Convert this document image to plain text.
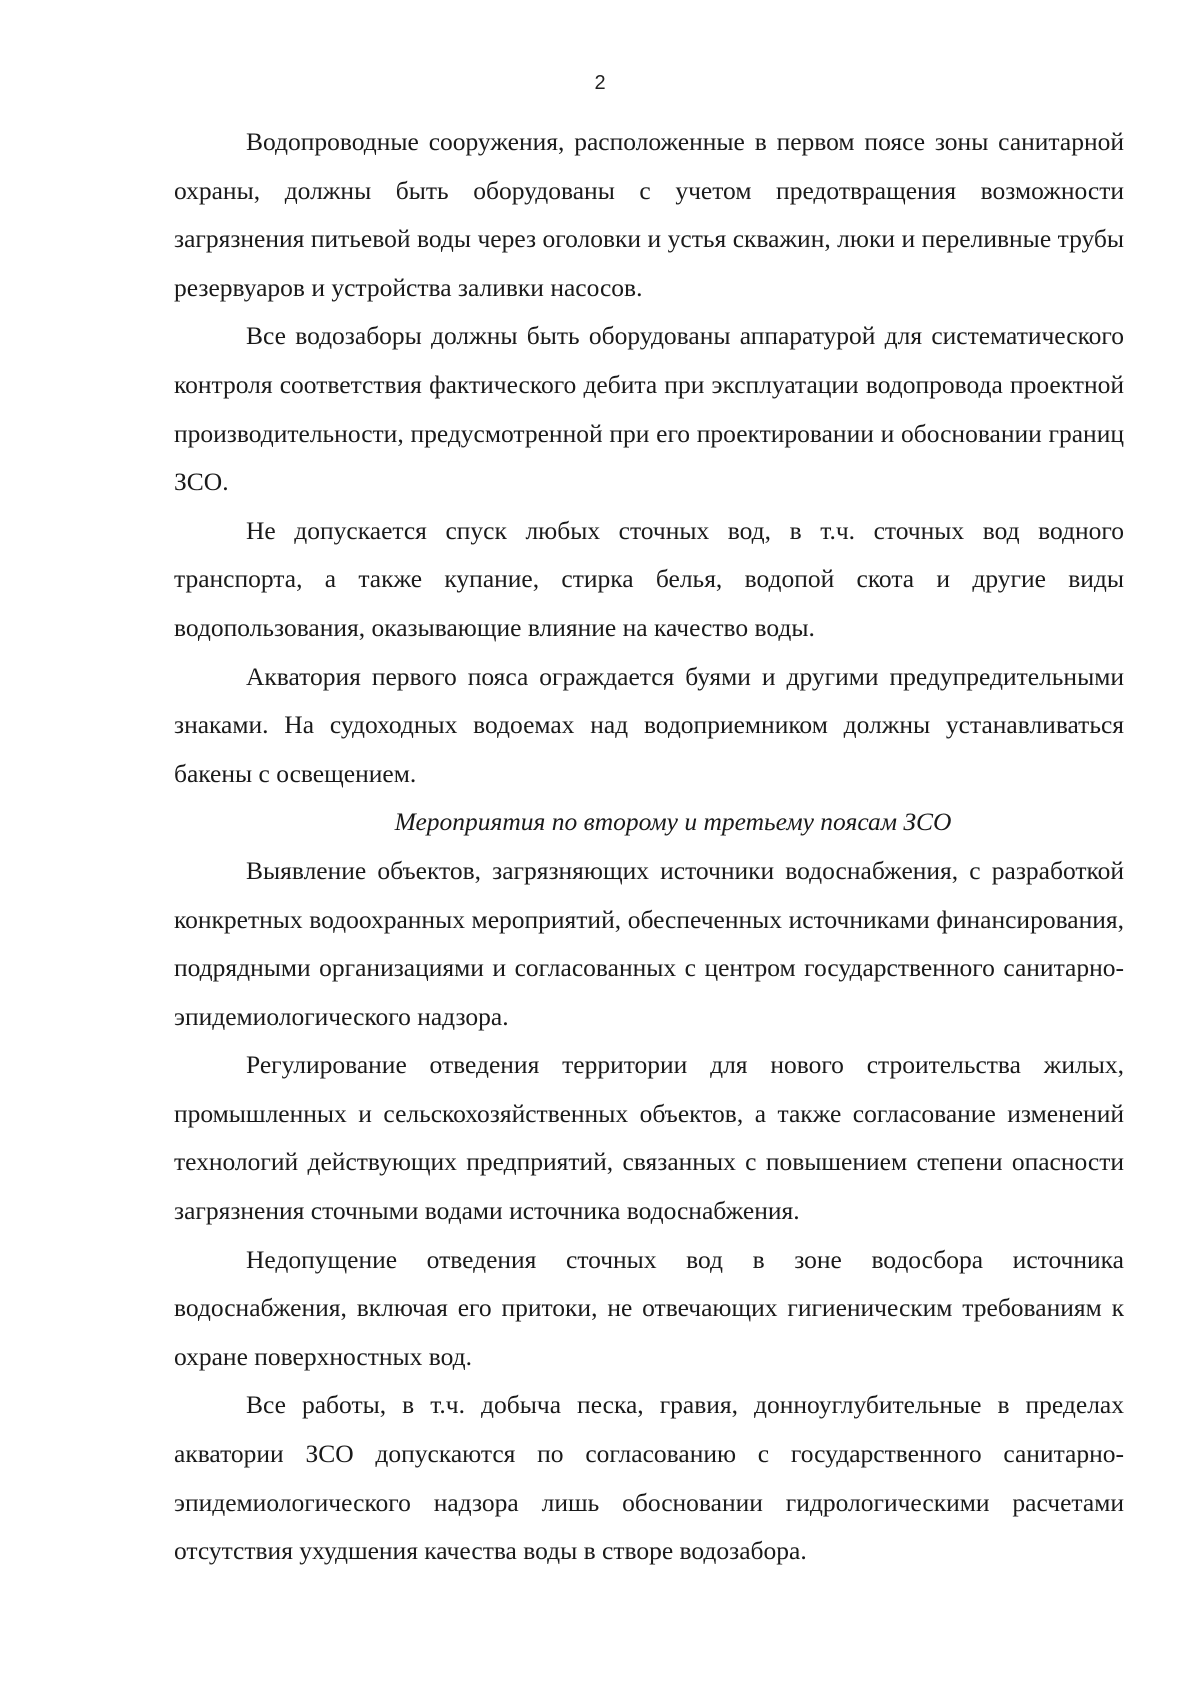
2

Водопроводные сооружения, расположенные в первом поясе зоны санитарной охраны, должны быть оборудованы с учетом предотвращения возможности загрязнения питьевой воды через оголовки и устья скважин, люки и переливные трубы резервуаров и устройства заливки насосов.

Все водозаборы должны быть оборудованы аппаратурой для систематического контроля соответствия фактического дебита при эксплуатации водопровода проектной производительности, предусмотренной при его проектировании и обосновании границ ЗСО.

Не допускается спуск любых сточных вод, в т.ч. сточных вод водного транспорта, а также купание, стирка белья, водопой скота и другие виды водопользования, оказывающие влияние на качество воды.

Акватория первого пояса ограждается буями и другими предупредительными знаками. На судоходных водоемах над водоприемником должны устанавливаться бакены с освещением.

Мероприятия по второму и третьему поясам ЗСО

Выявление объектов, загрязняющих источники водоснабжения, с разработкой конкретных водоохранных мероприятий, обеспеченных источниками финансирования, подрядными организациями и согласованных с центром государственного санитарно-эпидемиологического надзора.

Регулирование отведения территории для нового строительства жилых, промышленных и сельскохозяйственных объектов, а также согласование изменений технологий действующих предприятий, связанных с повышением степени опасности загрязнения сточными водами источника водоснабжения.

Недопущение отведения сточных вод в зоне водосбора источника водоснабжения, включая его притоки, не отвечающих гигиеническим требованиям к охране поверхностных вод.

Все работы, в т.ч. добыча песка, гравия, донноуглубительные в пределах акватории ЗСО допускаются по согласованию с государственного санитарно-эпидемиологического надзора лишь обосновании гидрологическими расчетами отсутствия ухудшения качества воды в створе водозабора.
